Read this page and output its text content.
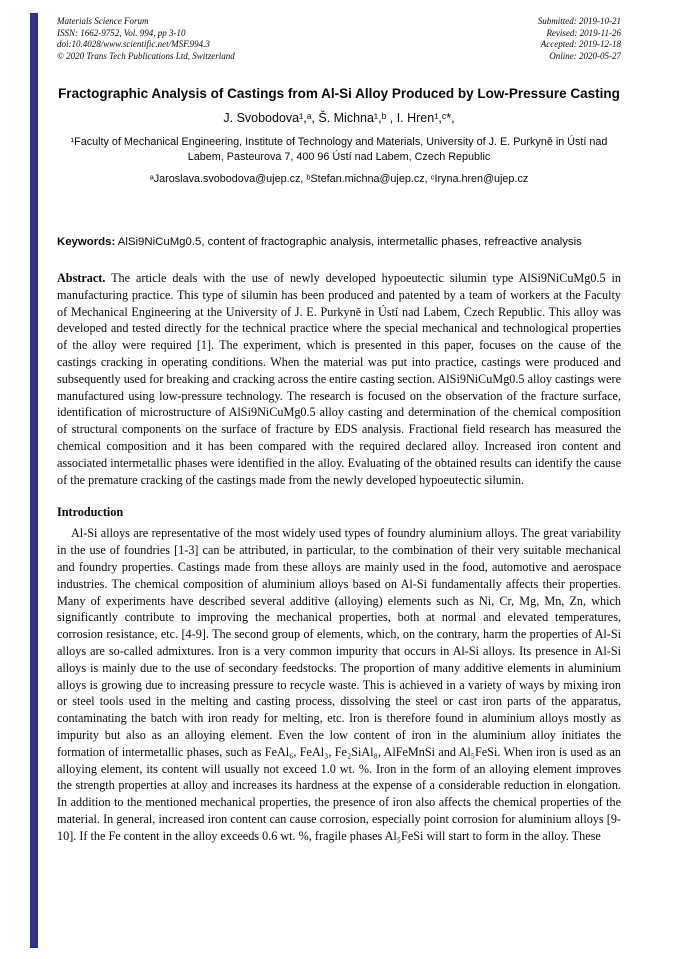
Materials Science Forum
ISSN: 1662-9752, Vol. 994, pp 3-10
doi:10.4028/www.scientific.net/MSF.994.3
© 2020 Trans Tech Publications Ltd, Switzerland
Submitted: 2019-10-21
Revised: 2019-11-26
Accepted: 2019-12-18
Online: 2020-05-27
Fractographic Analysis of Castings from Al-Si Alloy Produced by Low-Pressure Casting
J. Svobodova¹,ᵃ, Š. Michna¹,ᵇ , I. Hren¹,ᶜ*,
¹Faculty of Mechanical Engineering, Institute of Technology and Materials, University of J. E. Purkyně in Ústí nad Labem, Pasteurova 7, 400 96 Ústí nad Labem, Czech Republic
ᵃJaroslava.svobodova@ujep.cz, ᵇStefan.michna@ujep.cz, ᶜIryna.hren@ujep.cz

Keywords: AlSi9NiCuMg0.5, content of fractographic analysis, intermetallic phases, refreactive analysis

Abstract. The article deals with the use of newly developed hypoeutectic silumin type AlSi9NiCuMg0.5 in manufacturing practice. This type of silumin has been produced and patented by a team of workers at the Faculty of Mechanical Engineering at the University of J. E. Purkyně in Ústí nad Labem, Czech Republic. This alloy was developed and tested directly for the technical practice where the special mechanical and technological properties of the alloy were required [1]. The experiment, which is presented in this paper, focuses on the cause of the castings cracking in operating conditions. When the material was put into practice, castings were produced and subsequently used for breaking and cracking across the entire casting section. AlSi9NiCuMg0.5 alloy castings were manufactured using low-pressure technology. The research is focused on the observation of the fracture surface, identification of microstructure of AlSi9NiCuMg0.5 alloy casting and determination of the chemical composition of structural components on the surface of fracture by EDS analysis. Fractional field research has measured the chemical composition and it has been compared with the required declared alloy. Increased iron content and associated intermetallic phases were identified in the alloy. Evaluating of the obtained results can identify the cause of the premature cracking of the castings made from the newly developed hypoeutectic silumin.

Introduction

Al-Si alloys are representative of the most widely used types of foundry aluminium alloys. The great variability in the use of foundries [1-3] can be attributed, in particular, to the combination of their very suitable mechanical and foundry properties. Castings made from these alloys are mainly used in the food, automotive and aerospace industries. The chemical composition of aluminium alloys based on Al-Si fundamentally affects their properties. Many of experiments have described several additive (alloying) elements such as Ni, Cr, Mg, Mn, Zn, which significantly contribute to improving the mechanical properties, both at normal and elevated temperatures, corrosion resistance, etc. [4-9]. The second group of elements, which, on the contrary, harm the properties of Al-Si alloys are so-called admixtures. Iron is a very common impurity that occurs in Al-Si alloys. Its presence in Al-Si alloys is mainly due to the use of secondary feedstocks. The proportion of many additive elements in aluminium alloys is growing due to increasing pressure to recycle waste. This is achieved in a variety of ways by mixing iron or steel tools used in the melting and casting process, dissolving the steel or cast iron parts of the apparatus, contaminating the batch with iron ready for melting, etc. Iron is therefore found in aluminium alloys mostly as impurity but also as an alloying element. Even the low content of iron in the aluminium alloy initiates the formation of intermetallic phases, such as FeAl₆, FeAl₃, Fe₂SiAl₈, AlFeMnSi and Al₅FeSi. When iron is used as an alloying element, its content will usually not exceed 1.0 wt. %. Iron in the form of an alloying element improves the strength properties at alloy and increases its hardness at the expense of a considerable reduction in elongation. In addition to the mentioned mechanical properties, the presence of iron also affects the chemical properties of the material. In general, increased iron content can cause corrosion, especially point corrosion for aluminium alloys [9-10]. If the Fe content in the alloy exceeds 0.6 wt. %, fragile phases Al₅FeSi will start to form in the alloy. These
